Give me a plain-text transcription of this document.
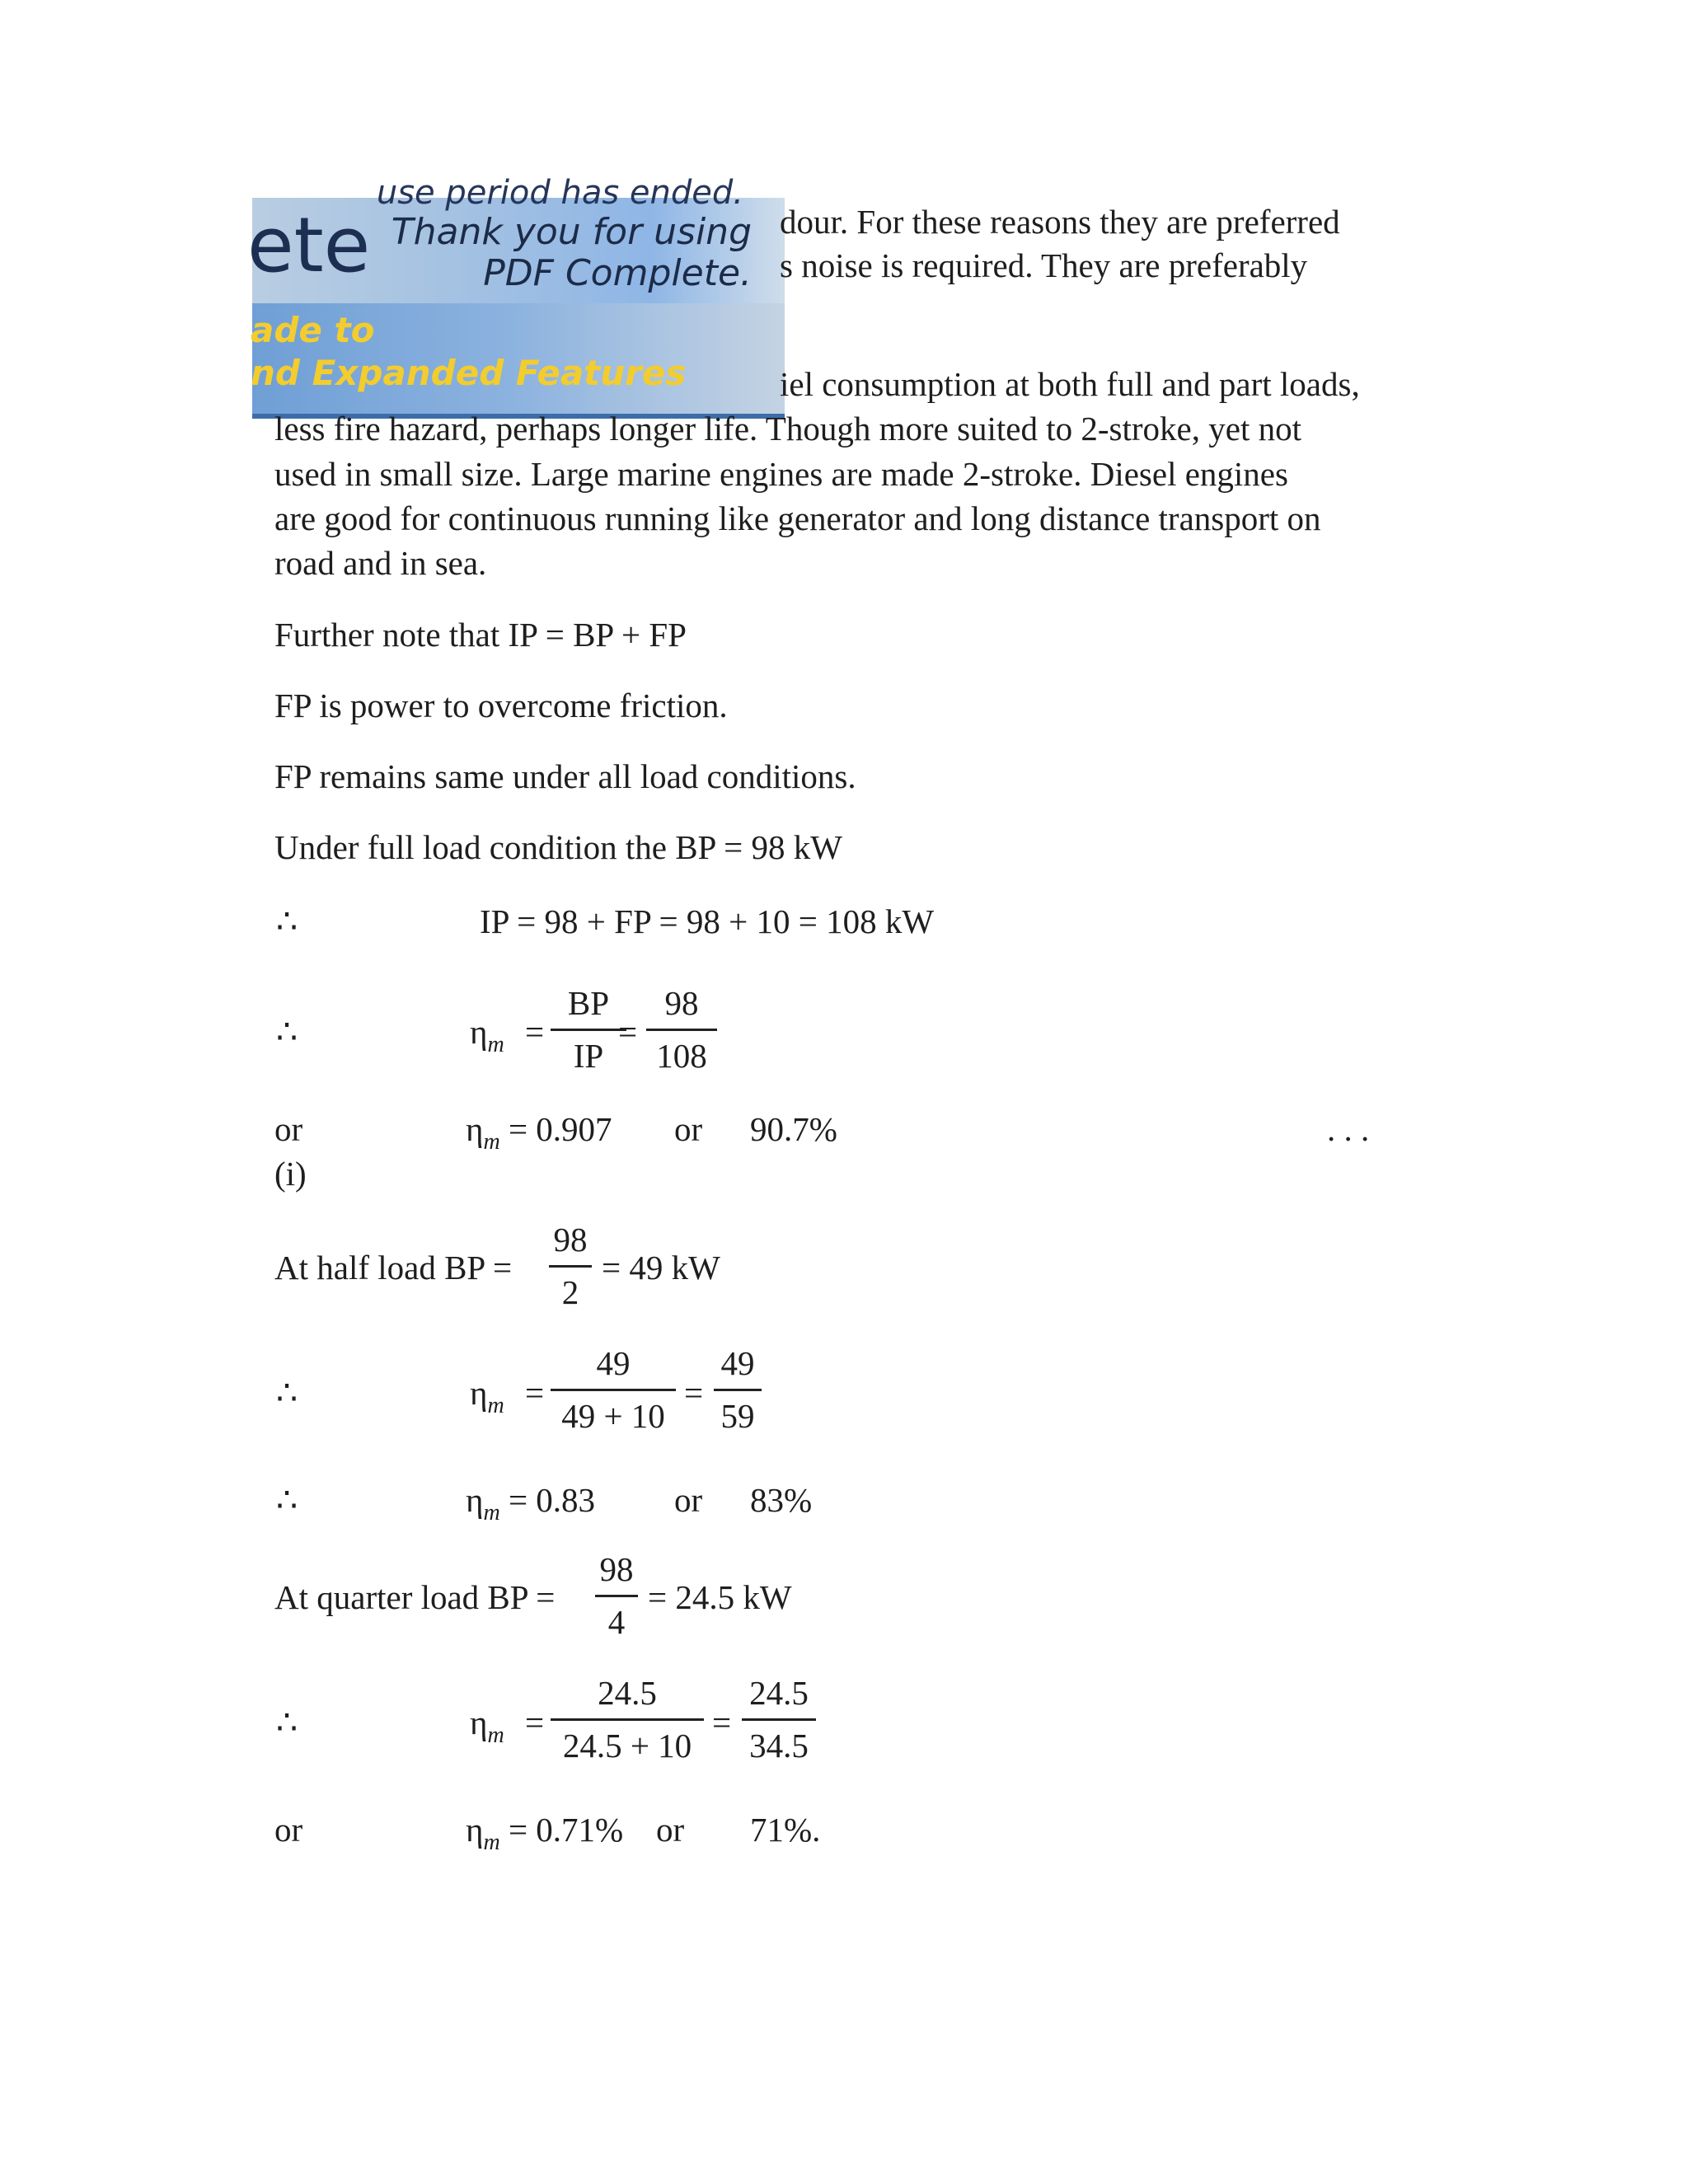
use period has ended.
ete Thank you for using
PDF Complete.
ade to
nd Expanded Features
dour. For these reasons they are preferred
s noise is required. They are preferably
iel consumption at both full and part loads,
less fire hazard, perhaps longer life. Though more suited to 2-stroke, yet not
used in small size. Large marine engines are made 2-stroke. Diesel engines
are good for continuous running like generator and long distance transport on
road and in sea.
Further note that IP = BP + FP
FP is power to overcome friction.
FP remains same under all load conditions.
Under full load condition the BP = 98 kW
∴	IP = 98 + FP = 98 + 10 = 108 kW
∴	$\eta_m$ =
BP
IP
=
98
108
or
(i)
$\eta_m = 0.907$ or 90.7%	. . .
At half load BP =
98
2
= 49 kW
∴	$\eta_m$ =
49
49 + 10
=
49
59
∴	$\eta_m = 0.83$ or 83%
At quarter load BP =
98
4
= 24.5 kW
∴	$\eta_m$ =
24.5
24.5 + 10
=
24.5
34.5
or	$\eta_m = 0.71\%$ or 71%.
